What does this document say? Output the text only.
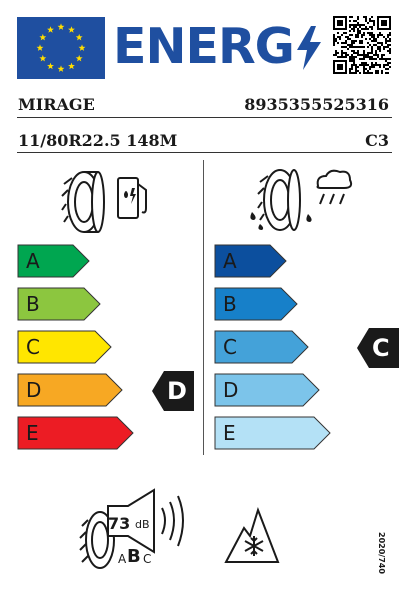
ENERG
MIRAGE	8935355525316
11/80R22.5 148M	C3
A
B
C
D
E
D
A
B
C
D
E
C
73 dB
A B C	2020/740
